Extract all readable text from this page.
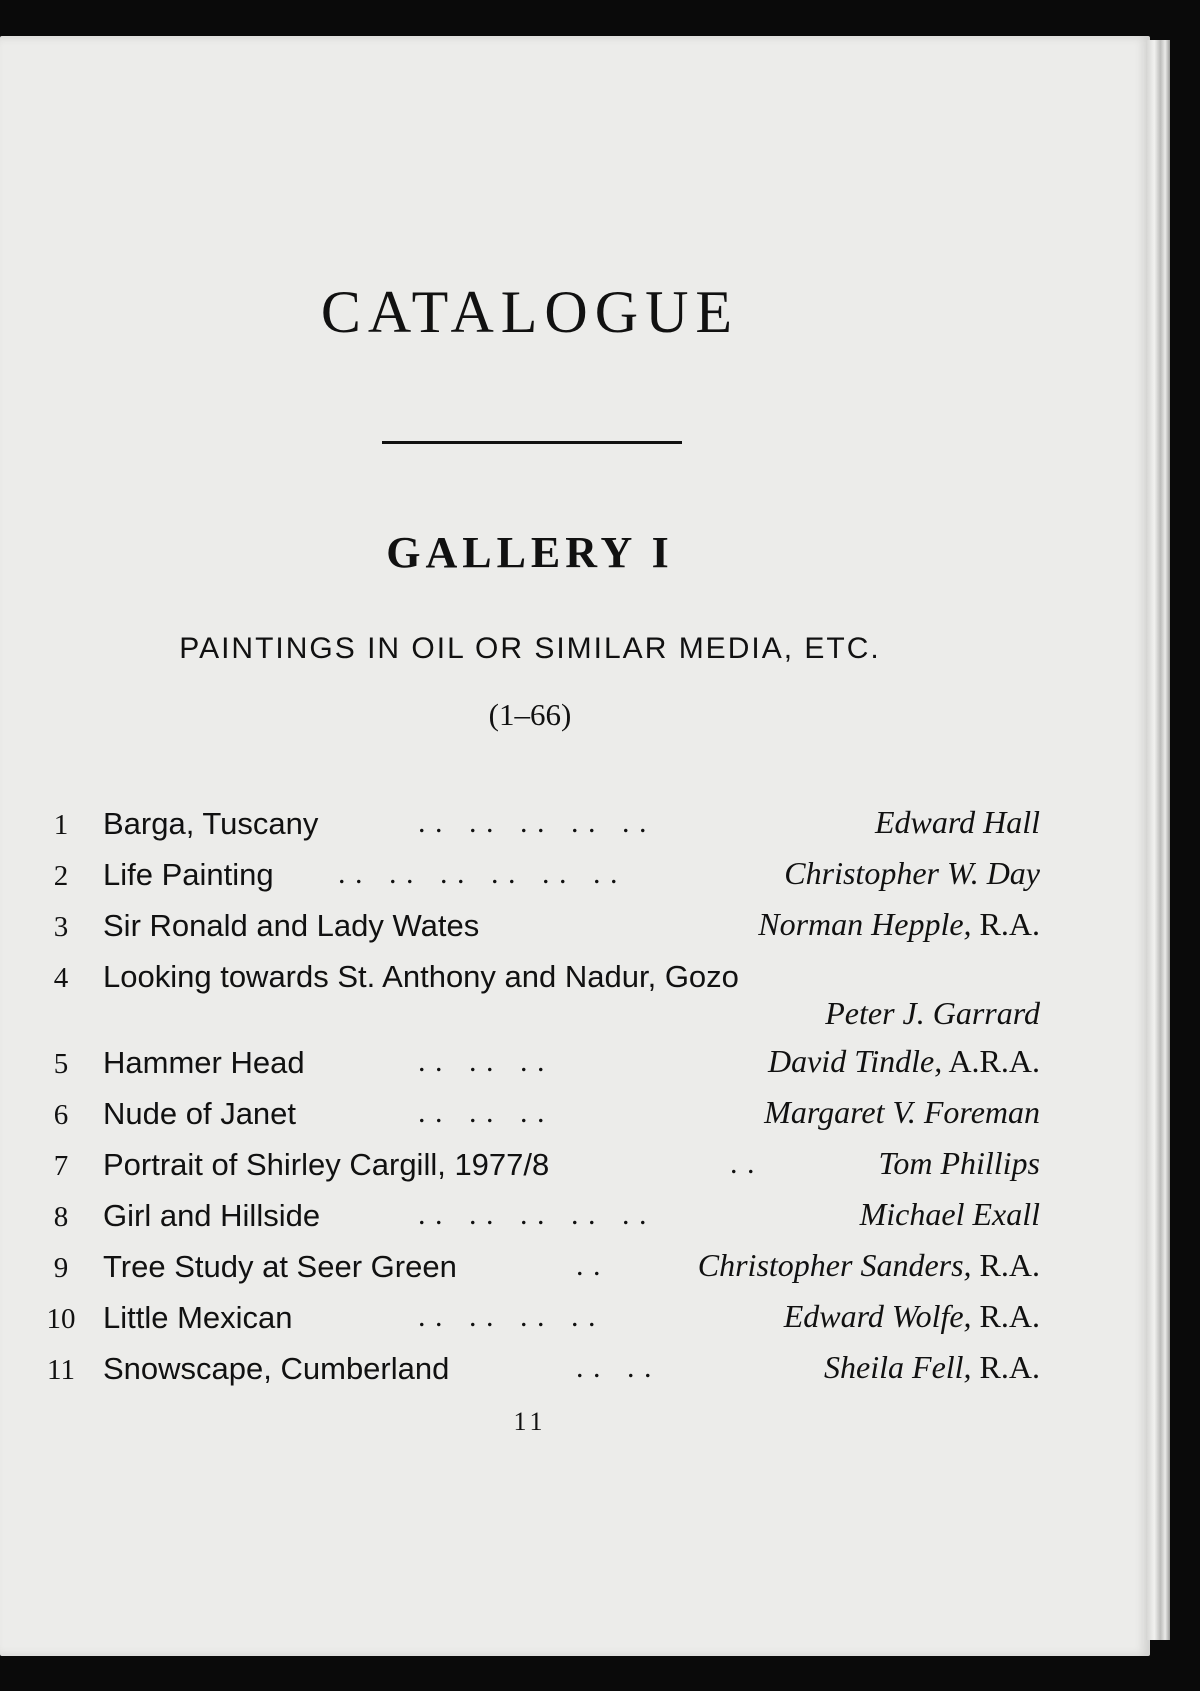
CATALOGUE
GALLERY I
PAINTINGS IN OIL OR SIMILAR MEDIA, ETC.
(1–66)
1	Barga, Tuscany	. .   . .   . .   . .   . .	Edward Hall
2	Life Painting . .   . .   . .   . .   . .   . .	Christopher W. Day
3	Sir Ronald and Lady Wates	Norman Hepple, R.A.
4	Looking towards St. Anthony and Nadur, Gozo
Peter J. Garrard
5	Hammer Head	. .   . .   . .	David Tindle, A.R.A.
6	Nude of Janet	. .   . .   . .	Margaret V. Foreman
7	Portrait of Shirley Cargill, 1977/8	. .	Tom Phillips
8	Girl and Hillside	. .   . .   . .   . .   . .	Michael Exall
9	Tree Study at Seer Green	. .	Christopher Sanders, R.A.
10 Little Mexican	. .   . .   . .   . .	Edward Wolfe, R.A.
11 Snowscape, Cumberland	. .   . .	Sheila Fell, R.A.
11
